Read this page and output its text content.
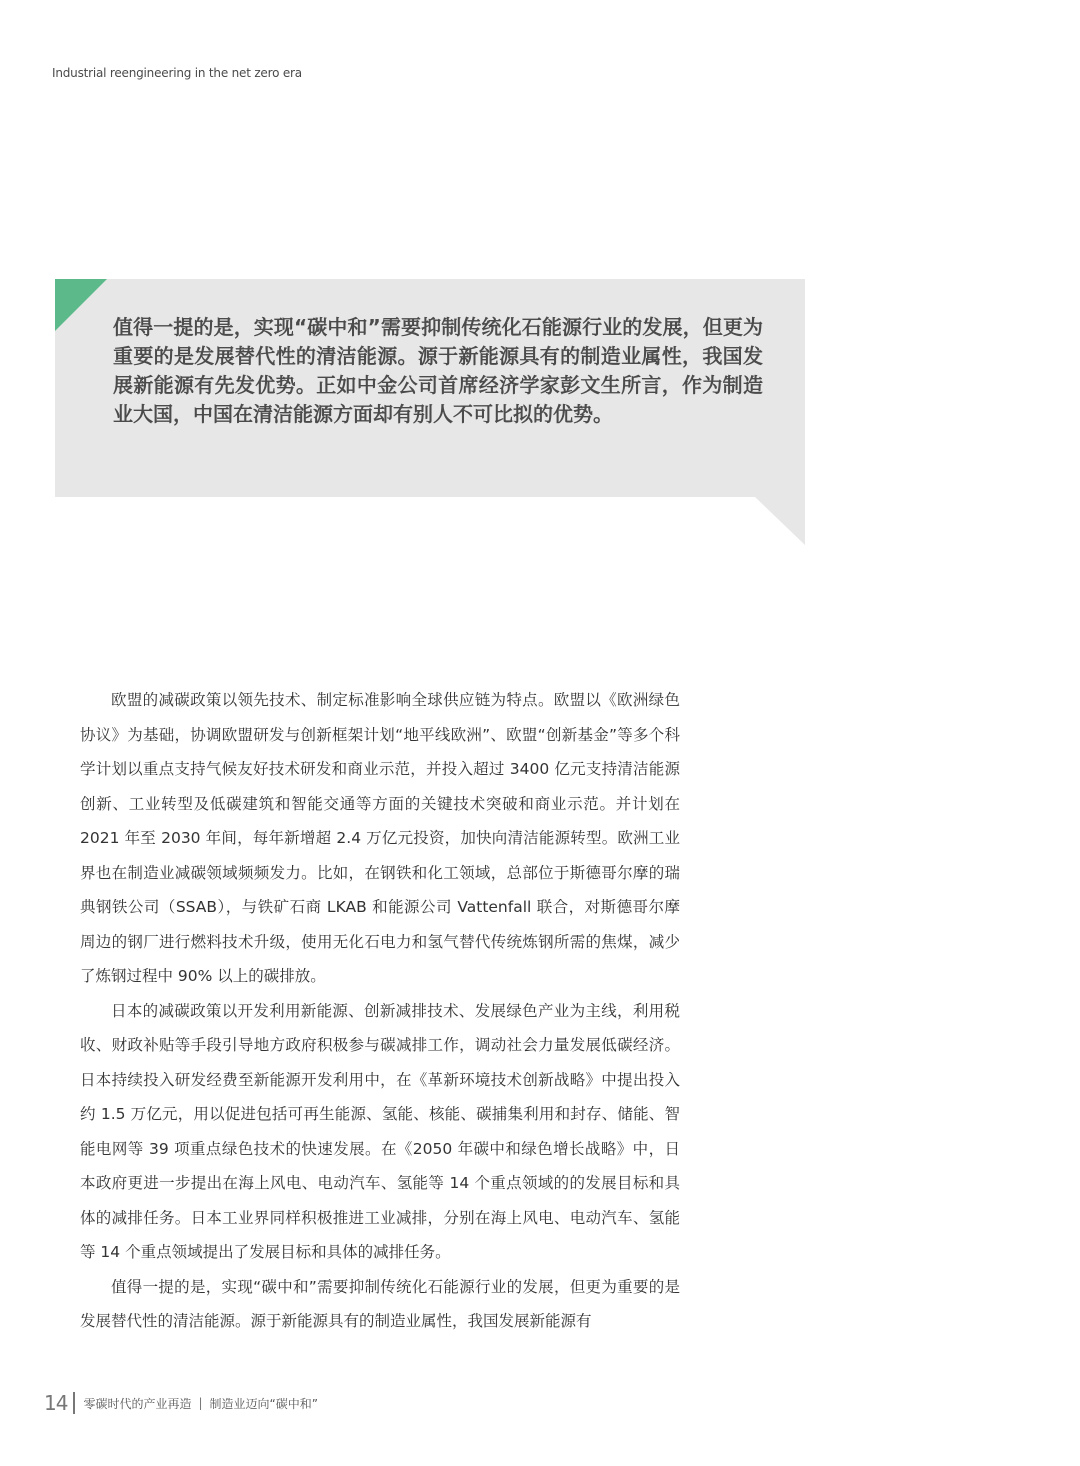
Industrial reengineering in the net zero era

值得一提的是，实现“碳中和”需要抑制传统化石能源行业的发展，但更为重要的是发展替代性的清洁能源。源于新能源具有的制造业属性，我国发展新能源有先发优势。正如中金公司首席经济学家彭文生所言，作为制造业大国，中国在清洁能源方面却有别人不可比拟的优势。

欧盟的减碳政策以领先技术、制定标准影响全球供应链为特点。欧盟以《欧洲绿色协议》为基础，协调欧盟研发与创新框架计划“地平线欧洲”、欧盟“创新基金”等多个科学计划以重点支持气候友好技术研发和商业示范，并投入超过 3400 亿元支持清洁能源创新、工业转型及低碳建筑和智能交通等方面的关键技术突破和商业示范。并计划在 2021 年至 2030 年间，每年新增超 2.4 万亿元投资，加快向清洁能源转型。欧洲工业界也在制造业减碳领域频频发力。比如，在钢铁和化工领域，总部位于斯德哥尔摩的瑞典钢铁公司（SSAB），与铁矿石商 LKAB 和能源公司 Vattenfall 联合，对斯德哥尔摩周边的钢厂进行燃料技术升级，使用无化石电力和氢气替代传统炼钢所需的焦煤，减少了炼钢过程中 90% 以上的碳排放。

日本的减碳政策以开发利用新能源、创新减排技术、发展绿色产业为主线，利用税收、财政补贴等手段引导地方政府积极参与碳减排工作，调动社会力量发展低碳经济。日本持续投入研发经费至新能源开发利用中，在《革新环境技术创新战略》中提出投入约 1.5 万亿元，用以促进包括可再生能源、氢能、核能、碳捕集利用和封存、储能、智能电网等 39 项重点绿色技术的快速发展。在《2050 年碳中和绿色增长战略》中，日本政府更进一步提出在海上风电、电动汽车、氢能等 14 个重点领域的的发展目标和具体的减排任务。日本工业界同样积极推进工业减排，分别在海上风电、电动汽车、氢能等 14 个重点领域提出了发展目标和具体的减排任务。

值得一提的是，实现“碳中和”需要抑制传统化石能源行业的发展，但更为重要的是发展替代性的清洁能源。源于新能源具有的制造业属性，我国发展新能源有

14 零碳时代的产业再造 | 制造业迈向“碳中和”
